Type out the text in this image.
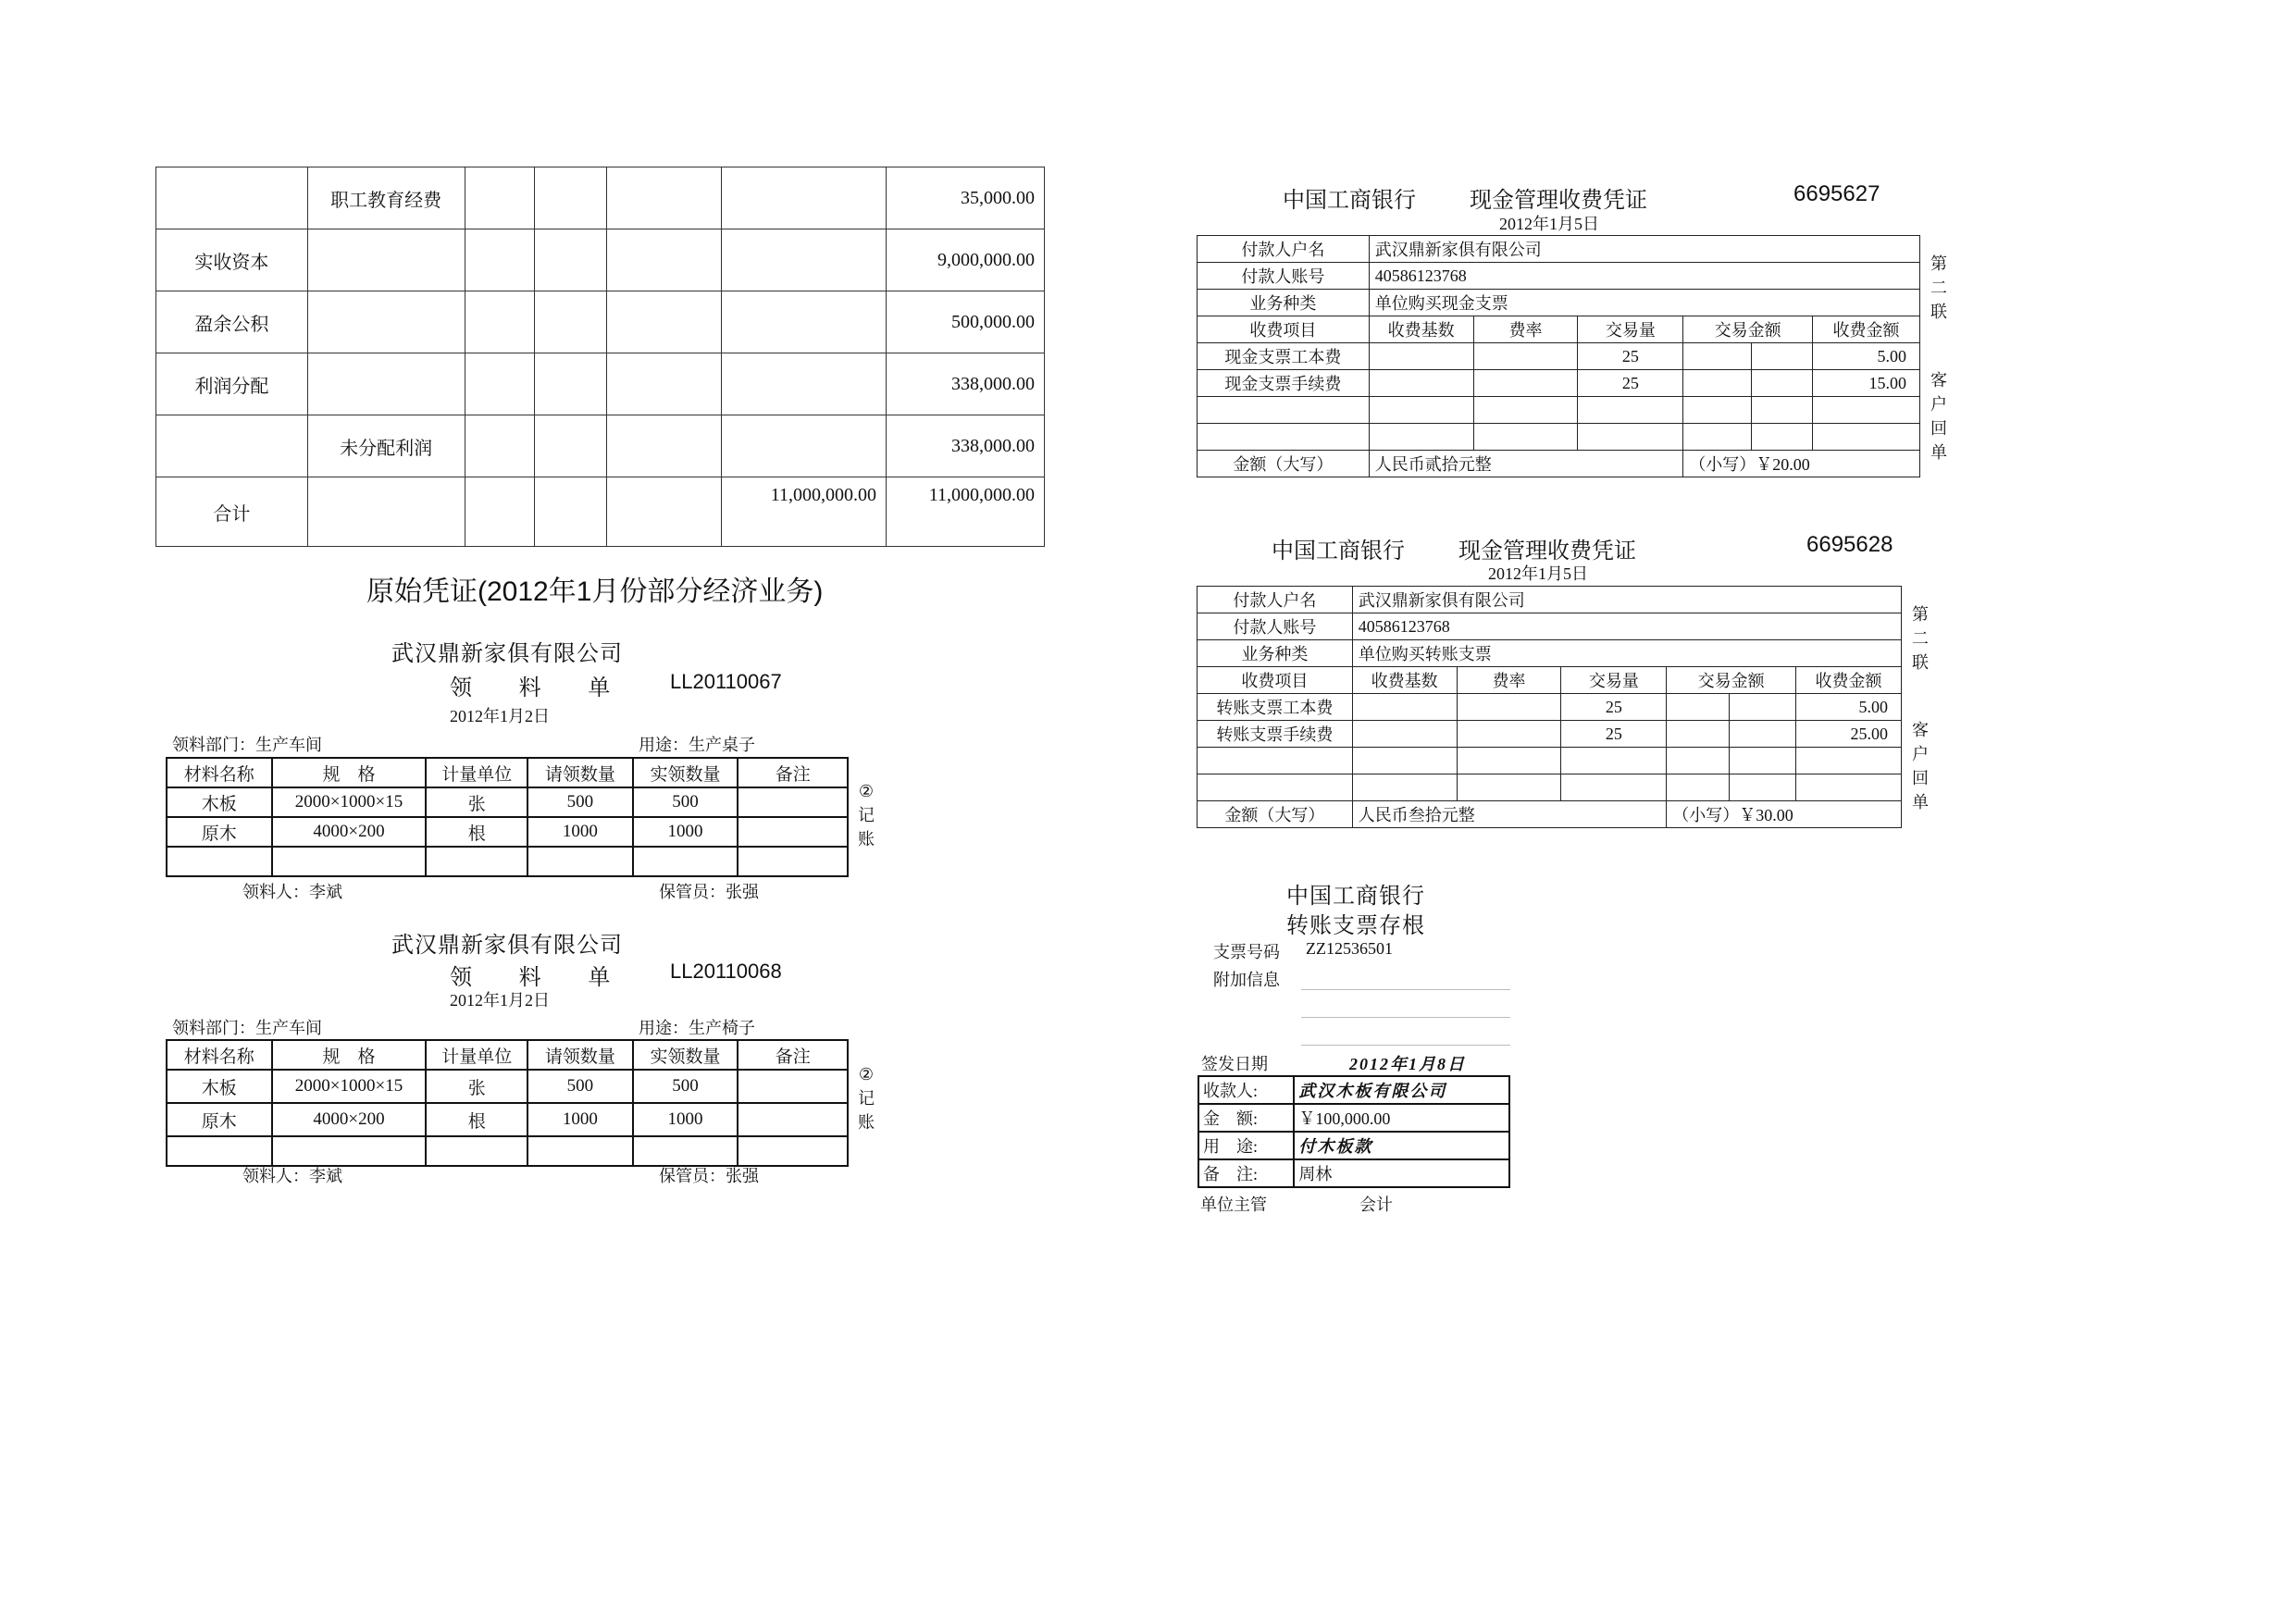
	职工教育经费					35,000.00
实收资本						9,000,000.00
盈余公积						500,000.00
利润分配						338,000.00
	未分配利润					338,000.00
合计					11,000,000.00	11,000,000.00
原始凭证(2012年1月份部分经济业务)
武汉鼎新家俱有限公司
领 料 单 LL20110067
2012年1月2日
领料部门：生产车间	用途：生产桌子
材料名称	规　格	计量单位	请领数量	实领数量	备注
木板	2000×1000×15	张	500	500	
原木	4000×200	根	1000	1000	

②
记
账
领料人：李斌	保管员：张强
武汉鼎新家俱有限公司
领 料 单 LL20110068
2012年1月2日
领料部门：生产车间	用途：生产椅子
材料名称	规　格	计量单位	请领数量	实领数量	备注
木板	2000×1000×15	张	500	500	
原木	4000×200	根	1000	1000	

②
记
账
领料人：李斌	保管员：张强
中国工商银行 现金管理收费凭证	6695627
2012年1月5日
付款人户名	武汉鼎新家俱有限公司					
付款人账号	40586123768					
业务种类	单位购买现金支票					
收费项目	收费基数	费率	交易量	交易金额		收费金额
现金支票工本费			25			5.00
现金支票手续费			25			15.00

金额（大写）	人民币贰拾元整			（小写）￥20.00		
第
二
联
客
户
回
单
中国工商银行 现金管理收费凭证	6695628
2012年1月5日
付款人户名	武汉鼎新家俱有限公司					
付款人账号	40586123768					
业务种类	单位购买转账支票					
收费项目	收费基数	费率	交易量	交易金额		收费金额
转账支票工本费			25			5.00
转账支票手续费			25			25.00

金额（大写）	人民币叁拾元整			（小写）￥30.00		
第
二
联
客
户
回
单
中国工商银行
转账支票存根
支票号码 ZZ12536501
附加信息
签发日期	2012年1月8日
收款人:	武汉木板有限公司
金　额:	￥100,000.00
用　途:	付木板款
备　注:	周林
单位主管	会计
